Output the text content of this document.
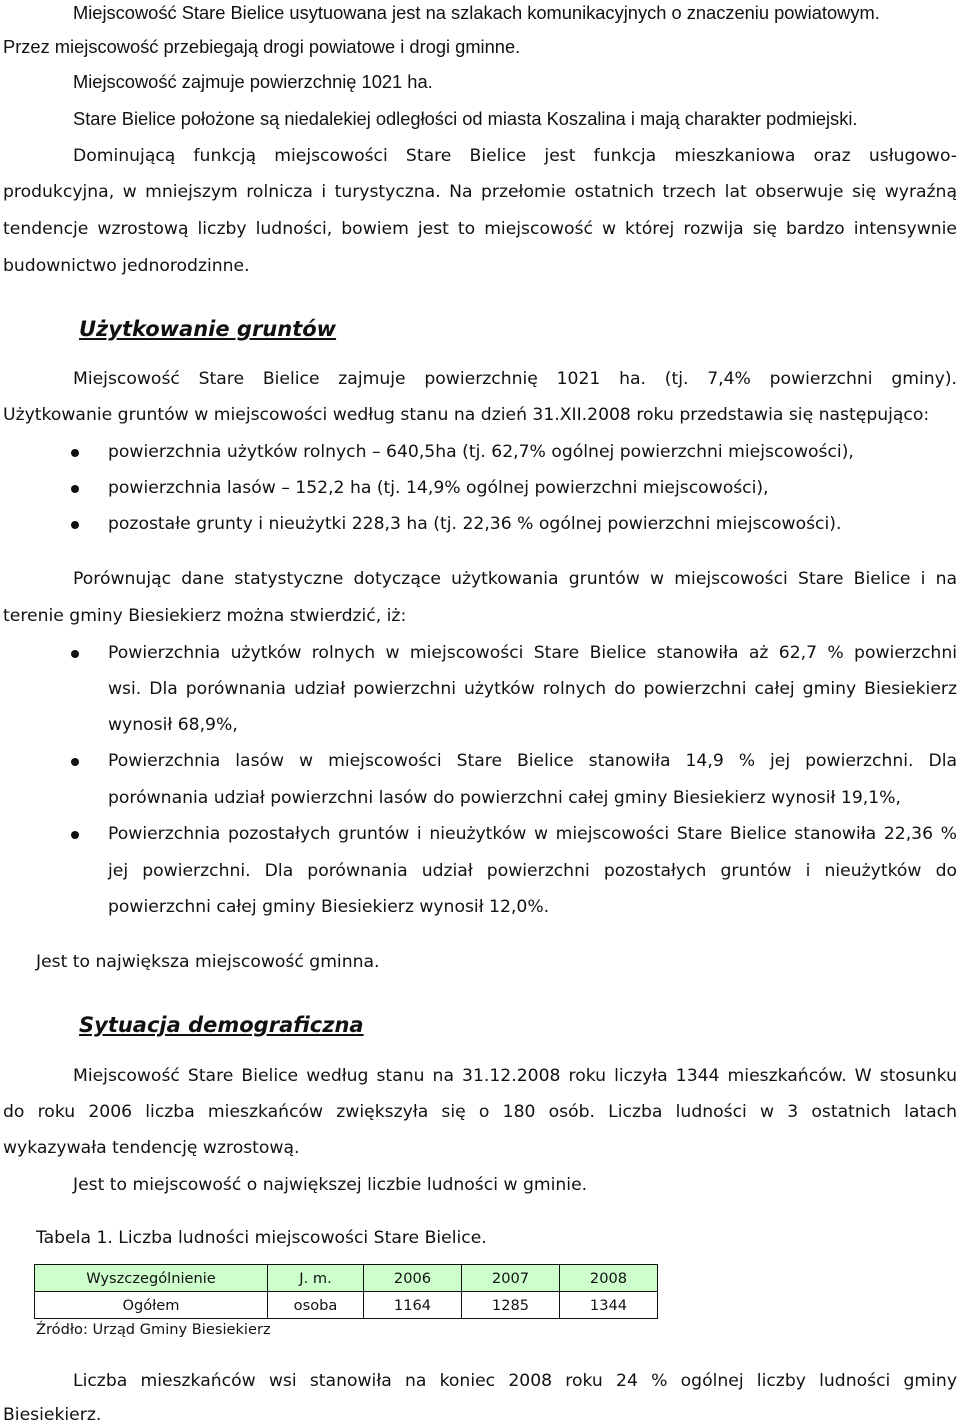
Miejscowość Stare Bielice usytuowana jest na szlakach komunikacyjnych o znaczeniu powiatowym.
Przez miejscowość przebiegają drogi powiatowe i drogi gminne.
Miejscowość zajmuje powierzchnię 1021 ha.
Stare Bielice położone są niedalekiej odległości od miasta Koszalina i mają charakter podmiejski.
Dominującą funkcją miejscowości Stare Bielice jest funkcja mieszkaniowa oraz usługowo-
produkcyjna, w mniejszym rolnicza i turystyczna. Na przełomie ostatnich trzech lat obserwuje się wyraźną
tendencje wzrostową liczby ludności, bowiem jest to miejscowość w której rozwija się bardzo intensywnie
budownictwo jednorodzinne.
Użytkowanie gruntów
Miejscowość Stare Bielice zajmuje powierzchnię 1021 ha. (tj. 7,4% powierzchni gminy).
Użytkowanie gruntów w miejscowości według stanu na dzień 31.XII.2008 roku przedstawia się następująco:
powierzchnia użytków rolnych – 640,5ha (tj. 62,7% ogólnej powierzchni miejscowości),
powierzchnia lasów – 152,2 ha (tj. 14,9% ogólnej powierzchni miejscowości),
pozostałe grunty i nieużytki 228,3 ha (tj. 22,36 % ogólnej powierzchni miejscowości).
Porównując dane statystyczne dotyczące użytkowania gruntów w miejscowości Stare Bielice i na
terenie gminy Biesiekierz można stwierdzić, iż:
Powierzchnia użytków rolnych w miejscowości Stare Bielice stanowiła aż 62,7 % powierzchni
wsi. Dla porównania udział powierzchni użytków rolnych do powierzchni całej gminy Biesiekierz
wynosił 68,9%,
Powierzchnia lasów w miejscowości Stare Bielice stanowiła 14,9 % jej powierzchni. Dla
porównania udział powierzchni lasów do powierzchni całej gminy Biesiekierz wynosił 19,1%,
Powierzchnia pozostałych gruntów i nieużytków w miejscowości Stare Bielice stanowiła 22,36 %
jej powierzchni. Dla porównania udział powierzchni pozostałych gruntów i nieużytków do
powierzchni całej gminy Biesiekierz wynosił 12,0%.
Jest to największa miejscowość gminna.
Sytuacja demograficzna
Miejscowość Stare Bielice według stanu na 31.12.2008 roku liczyła 1344 mieszkańców. W stosunku
do roku 2006 liczba mieszkańców zwiększyła się o 180 osób. Liczba ludności w 3 ostatnich latach
wykazywała tendencję wzrostową.
Jest to miejscowość o największej liczbie ludności w gminie.
Tabela 1. Liczba ludności miejscowości Stare Bielice.
Wyszczególnienie	J. m.	2006	2007	2008
Ogółem	osoba	1164	1285	1344
Źródło: Urząd Gminy Biesiekierz
Liczba mieszkańców wsi stanowiła na koniec 2008 roku 24 % ogólnej liczby ludności gminy
Biesiekierz.
